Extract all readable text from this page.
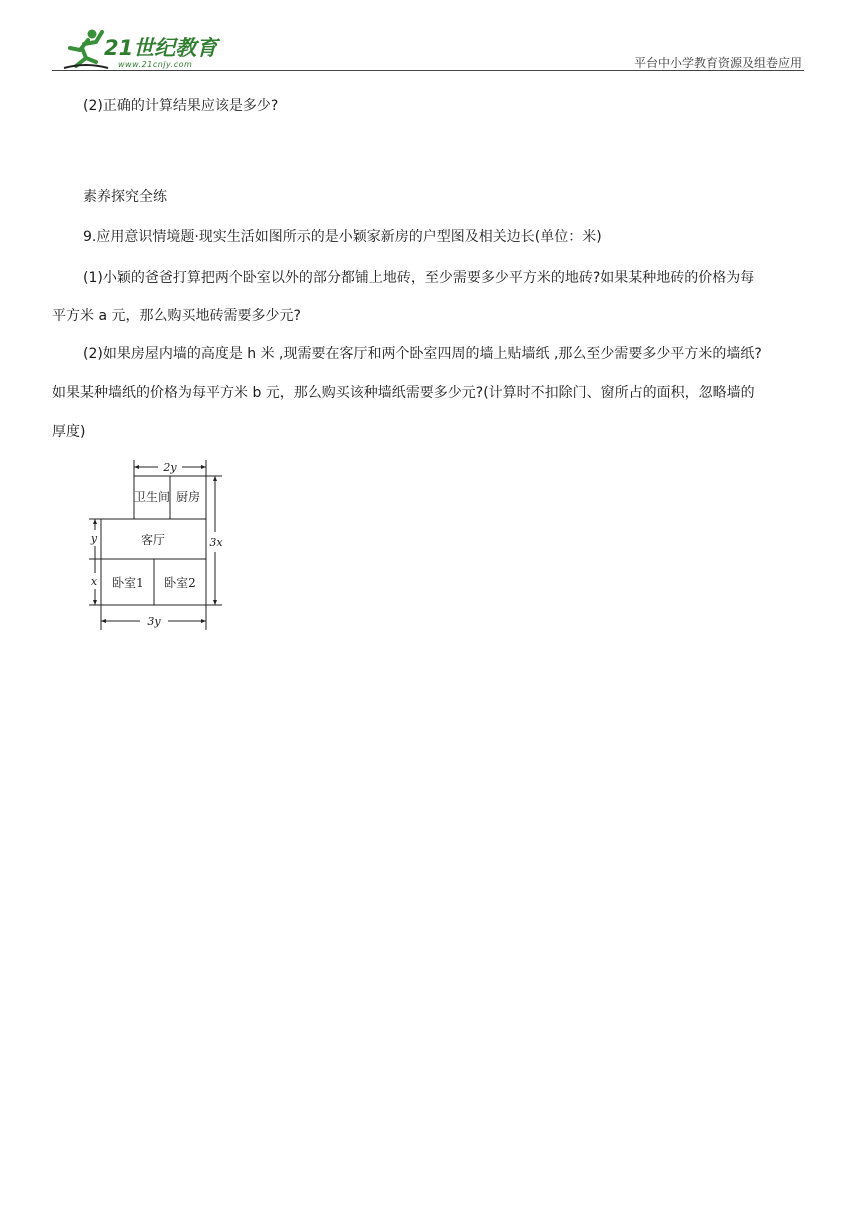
21世纪教育
www.21cnjy.com	平台中小学教育资源及组卷应用
(2)正确的计算结果应该是多少?
素养探究全练
9.应用意识情境题·现实生活如图所示的是小颖家新房的户型图及相关边长(单位：米)
(1)小颖的爸爸打算把两个卧室以外的部分都铺上地砖，至少需要多少平方米的地砖?如果某种地砖的价格为每
平方米 a 元，那么购买地砖需要多少元?
(2)如果房屋内墙的高度是 h 米 ,现需要在客厅和两个卧室四周的墙上贴墙纸 ,那么至少需要多少平方米的墙纸?
如果某种墙纸的价格为每平方米 b 元，那么购买该种墙纸需要多少元?(计算时不扣除门、窗所占的面积，忽略墙的
厚度)
2y
3y
3x
y
x
卫生间 厨房
客厅
卧室1 卧室2
